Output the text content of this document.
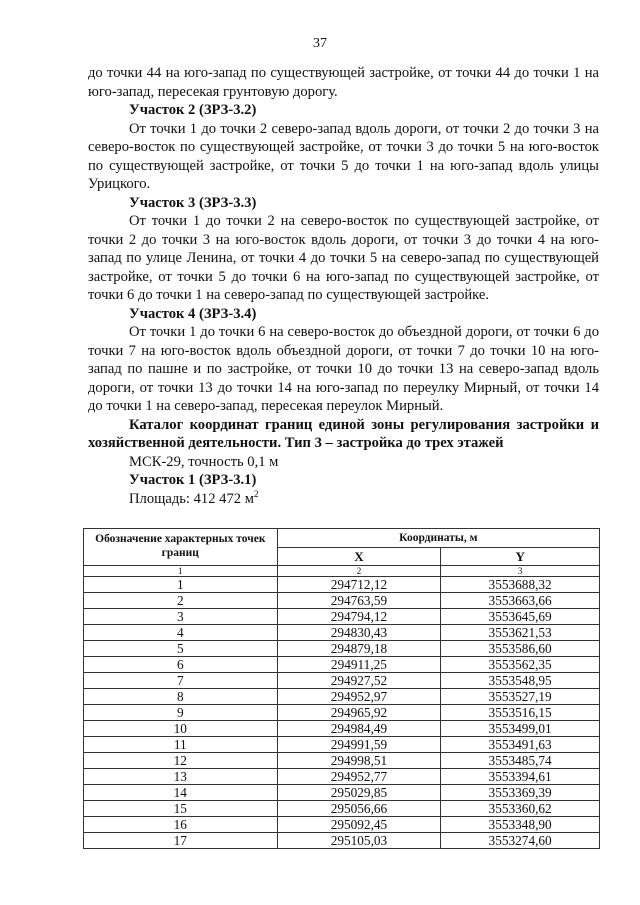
37

до точки 44 на юго-запад по существующей застройке, от точки 44 до точки 1 на юго-запад, пересекая грунтовую дорогу.

Участок 2 (ЗРЗ-3.2)

От точки 1 до точки 2 северо-запад вдоль дороги, от точки 2 до точки 3 на северо-восток по существующей застройке, от точки 3 до точки 5 на юго-восток по существующей застройке, от точки 5 до точки 1 на юго-запад вдоль улицы Урицкого.

Участок 3 (ЗРЗ-3.3)

От точки 1 до точки 2 на северо-восток по существующей застройке, от точки 2 до точки 3 на юго-восток вдоль дороги, от точки 3 до точки 4 на юго-запад по улице Ленина, от точки 4 до точки 5 на северо-запад по существующей застройке, от точки 5 до точки 6 на юго-запад по существующей застройке, от точки 6 до точки 1 на северо-запад по существующей застройке.

Участок 4 (ЗРЗ-3.4)

От точки 1 до точки 6 на северо-восток до объездной дороги, от точки 6 до точки 7 на юго-восток вдоль объездной дороги, от точки 7 до точки 10 на юго-запад по пашне и по застройке, от точки 10 до точки 13 на северо-запад вдоль дороги, от точки 13 до точки 14 на юго-запад по переулку Мирный, от точки 14 до точки 1 на северо-запад, пересекая переулок Мирный.

Каталог координат границ единой зоны регулирования застройки и хозяйственной деятельности. Тип 3 – застройка до трех этажей

МСК-29, точность 0,1 м

Участок 1 (ЗРЗ-3.1)

Площадь: 412 472 $м^2$

Обозначение характерных точек границ	Координаты, м	
	X	Y
1	2	3
1	294712,12	3553688,32
2	294763,59	3553663,66
3	294794,12	3553645,69
4	294830,43	3553621,53
5	294879,18	3553586,60
6	294911,25	3553562,35
7	294927,52	3553548,95
8	294952,97	3553527,19
9	294965,92	3553516,15
10	294984,49	3553499,01
11	294991,59	3553491,63
12	294998,51	3553485,74
13	294952,77	3553394,61
14	295029,85	3553369,39
15	295056,66	3553360,62
16	295092,45	3553348,90
17	295105,03	3553274,60
